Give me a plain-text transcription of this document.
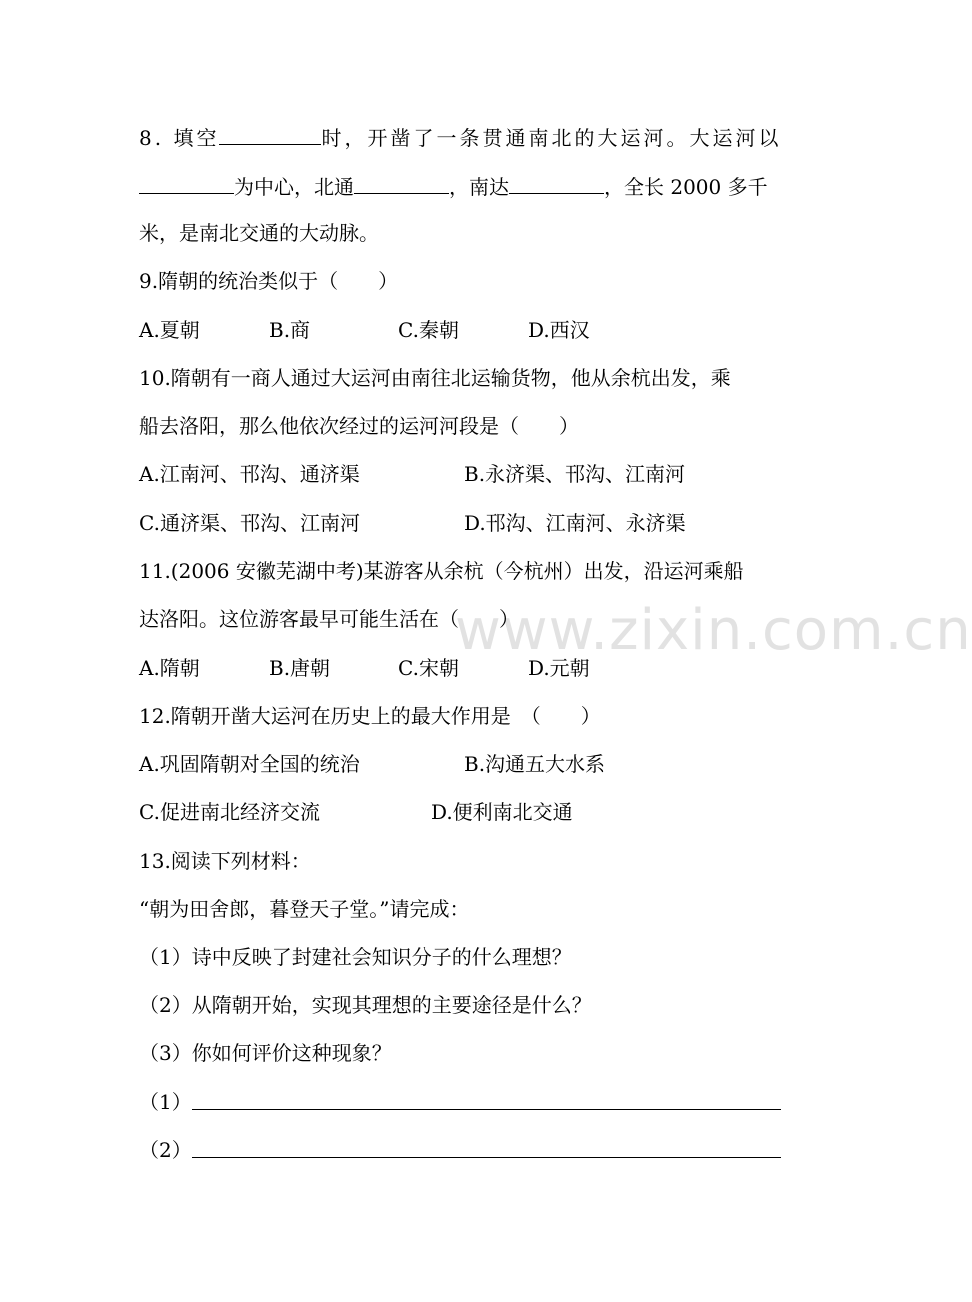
www.zixin.com.cn
8. 填空	时，开凿了一条贯通南北的大运河。大运河以
为中心，北通	，南达	，全长 2000 多千
米，是南北交通的大动脉。
9.隋朝的统治类似于（　　）
A.夏朝	B.商	C.秦朝	D.西汉
10.隋朝有一商人通过大运河由南往北运输货物，他从余杭出发，乘
船去洛阳，那么他依次经过的运河河段是（　　）
A.江南河、邗沟、通济渠	B.永济渠、邗沟、江南河
C.通济渠、邗沟、江南河	D.邗沟、江南河、永济渠
11.(2006 安徽芜湖中考)某游客从余杭（今杭州）出发，沿运河乘船
达洛阳。这位游客最早可能生活在（　　）
A.隋朝	B.唐朝	C.宋朝	D.元朝
12.隋朝开凿大运河在历史上的最大作用是　（　　）
A.巩固隋朝对全国的统治	B.沟通五大水系
C.促进南北经济交流	D.便利南北交通
13.阅读下列材料：
“朝为田舍郎，暮登天子堂。”请完成：
（1）诗中反映了封建社会知识分子的什么理想？
（2）从隋朝开始，实现其理想的主要途径是什么？
（3）你如何评价这种现象？
（1）
（2）
